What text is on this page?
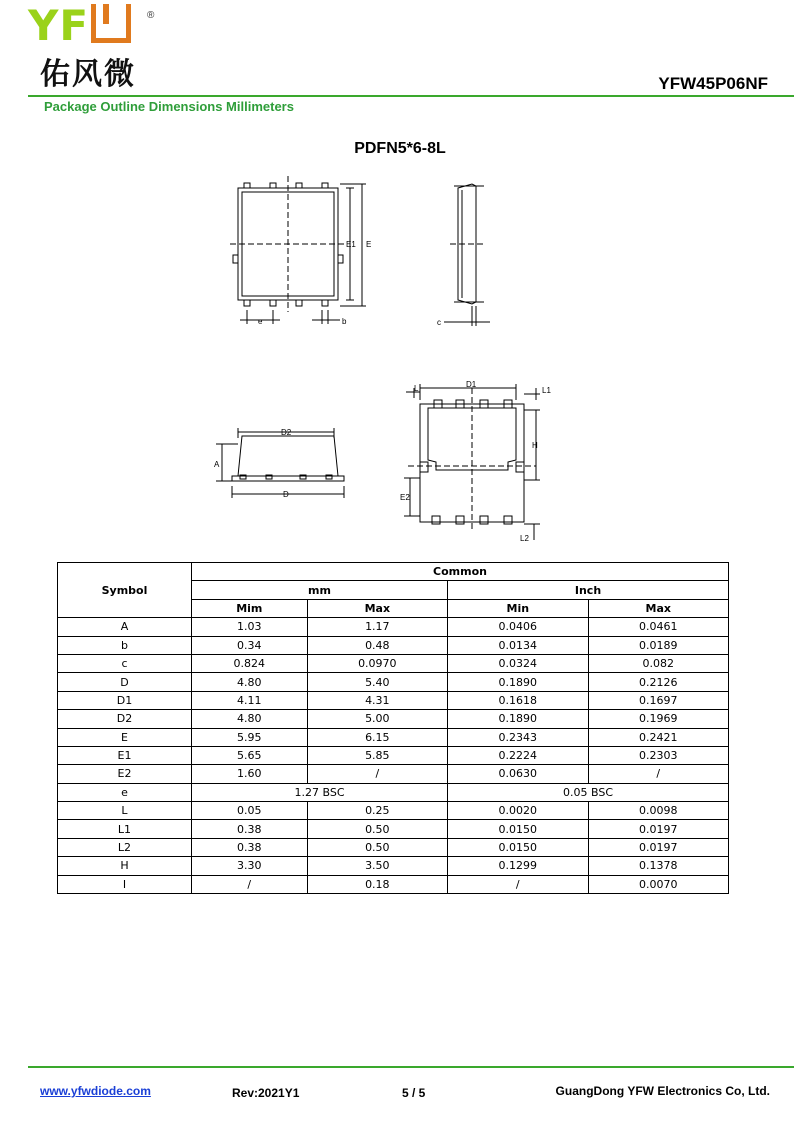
YF	®
佑风微	YFW45P06NF
Package Outline Dimensions Millimeters
PDFN5*6-8L
E1 E
e	b	c
D2
A
D
D1
L	L1
H
E2
L2
Symbol	Common			
	mm		Inch	
	Mim	Max	Min	Max
A	1.03	1.17	0.0406	0.0461
b	0.34	0.48	0.0134	0.0189
c	0.824	0.0970	0.0324	0.082
D	4.80	5.40	0.1890	0.2126
D1	4.11	4.31	0.1618	0.1697
D2	4.80	5.00	0.1890	0.1969
E	5.95	6.15	0.2343	0.2421
E1	5.65	5.85	0.2224	0.2303
E2	1.60	/	0.0630	/
e	1.27 BSC		0.05 BSC	
L	0.05	0.25	0.0020	0.0098
L1	0.38	0.50	0.0150	0.0197
L2	0.38	0.50	0.0150	0.0197
H	3.30	3.50	0.1299	0.1378
I	/	0.18	/	0.0070
www.yfwdiode.com	Rev:2021Y1	5 / 5	GuangDong YFW Electronics Co, Ltd.
